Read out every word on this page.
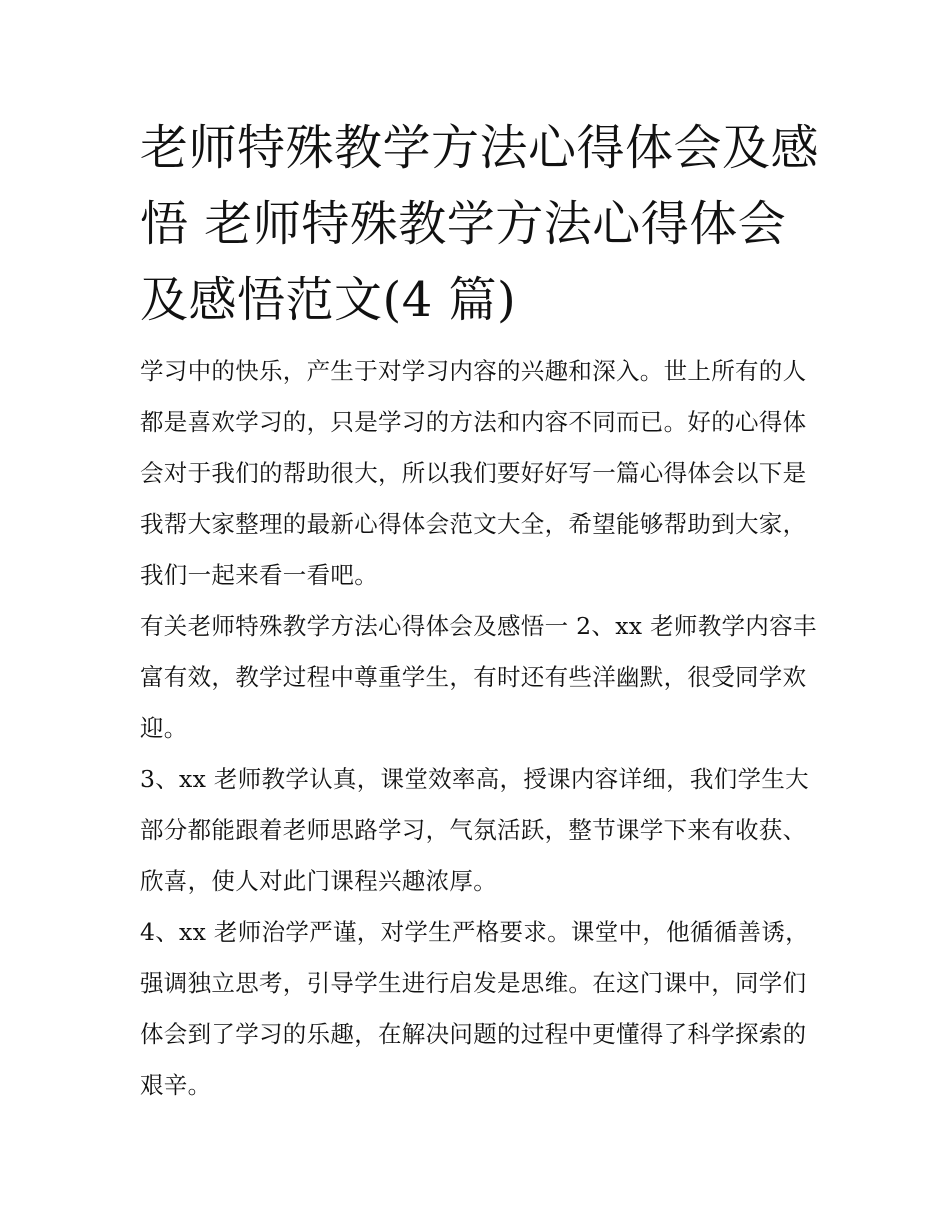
老师特殊教学方法心得体会及感悟 老师特殊教学方法心得体会及感悟范文(4 篇)

学习中的快乐，产生于对学习内容的兴趣和深入。世上所有的人都是喜欢学习的，只是学习的方法和内容不同而已。好的心得体会对于我们的帮助很大，所以我们要好好写一篇心得体会以下是我帮大家整理的最新心得体会范文大全，希望能够帮助到大家，我们一起来看一看吧。

有关老师特殊教学方法心得体会及感悟一 2、xx 老师教学内容丰富有效，教学过程中尊重学生，有时还有些洋幽默，很受同学欢迎。

3、xx 老师教学认真，课堂效率高，授课内容详细，我们学生大部分都能跟着老师思路学习，气氛活跃，整节课学下来有收获、欣喜，使人对此门课程兴趣浓厚。

4、xx 老师治学严谨，对学生严格要求。课堂中，他循循善诱，强调独立思考，引导学生进行启发是思维。在这门课中，同学们体会到了学习的乐趣，在解决问题的过程中更懂得了科学探索的艰辛。
